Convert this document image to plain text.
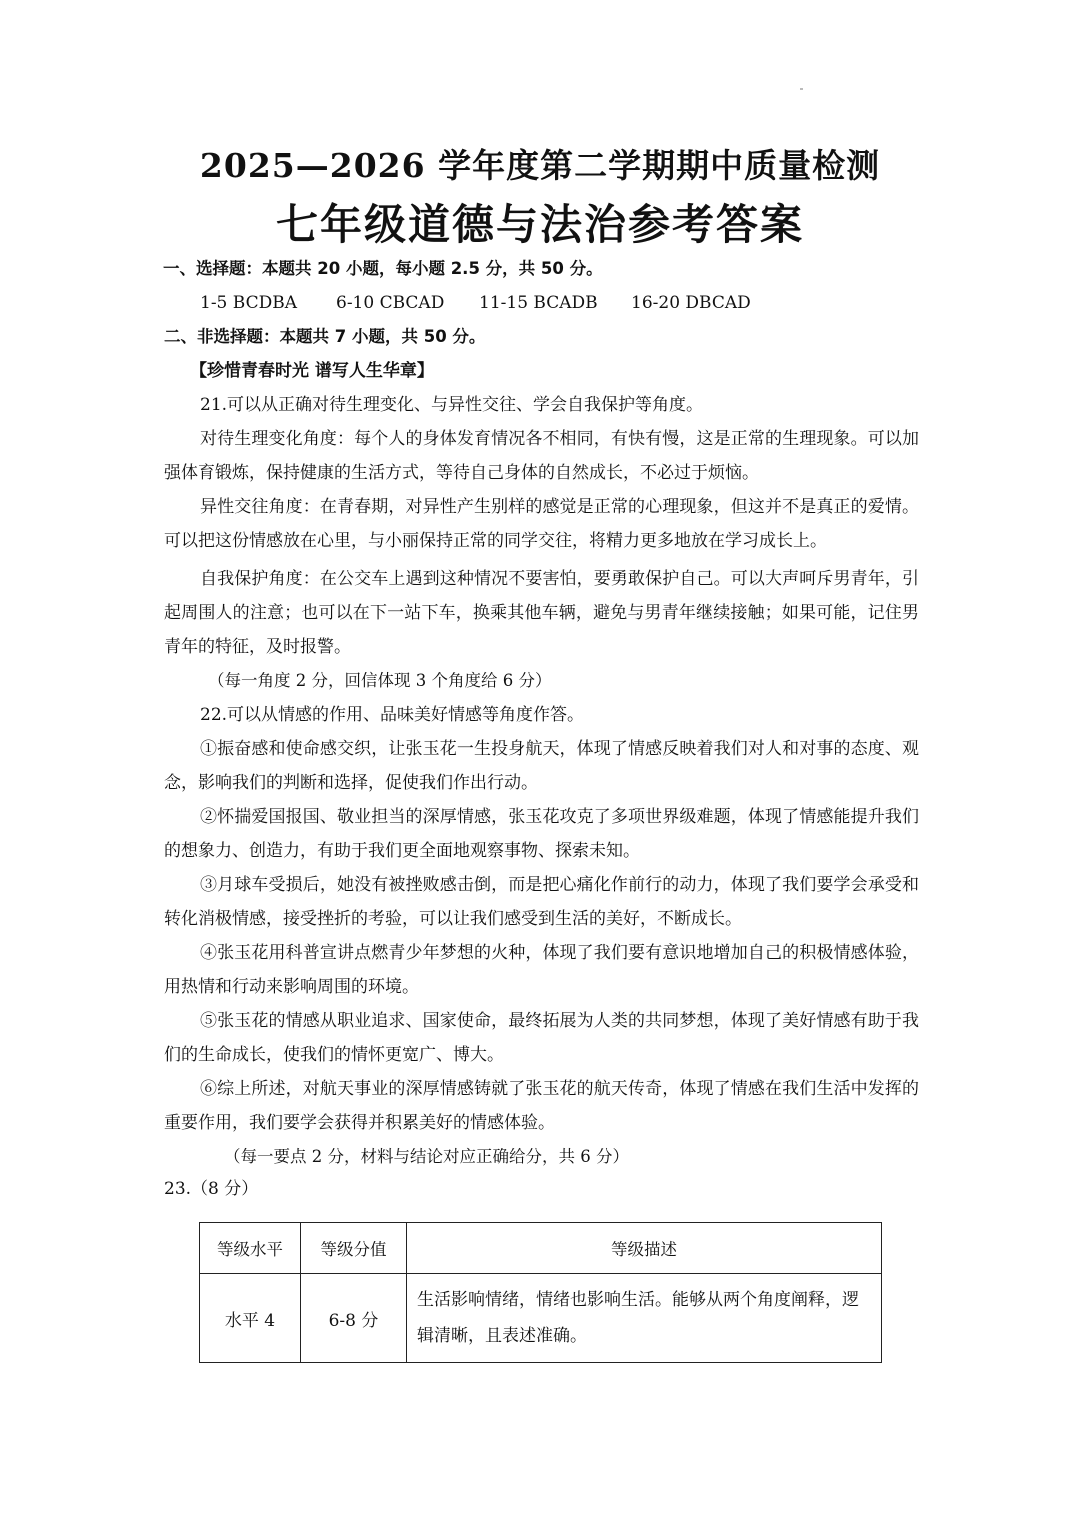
2025—2026 学年度第二学期期中质量检测
七年级道德与法治参考答案
一、选择题：本题共 20 小题，每小题 2.5 分，共 50 分。
1-5 BCDBA 6-10 CBCAD 11-15 BCADB 16-20 DBCAD
二、非选择题：本题共 7 小题，共 50 分。
【珍惜青春时光 谱写人生华章】

21.可以从正确对待生理变化、与异性交往、学会自我保护等角度。

对待生理变化角度：每个人的身体发育情况各不相同，有快有慢，这是正常的生理现象。可以加强体育锻炼，保持健康的生活方式，等待自己身体的自然成长，不必过于烦恼。

异性交往角度：在青春期，对异性产生别样的感觉是正常的心理现象，但这并不是真正的爱情。可以把这份情感放在心里，与小丽保持正常的同学交往，将精力更多地放在学习成长上。

自我保护角度：在公交车上遇到这种情况不要害怕，要勇敢保护自己。可以大声呵斥男青年，引起周围人的注意；也可以在下一站下车，换乘其他车辆，避免与男青年继续接触；如果可能，记住男青年的特征，及时报警。

（每一角度 2 分，回信体现 3 个角度给 6 分）

22.可以从情感的作用、品味美好情感等角度作答。

①振奋感和使命感交织，让张玉花一生投身航天，体现了情感反映着我们对人和对事的态度、观念，影响我们的判断和选择，促使我们作出行动。

②怀揣爱国报国、敬业担当的深厚情感，张玉花攻克了多项世界级难题，体现了情感能提升我们的想象力、创造力，有助于我们更全面地观察事物、探索未知。

③月球车受损后，她没有被挫败感击倒，而是把心痛化作前行的动力，体现了我们要学会承受和转化消极情感，接受挫折的考验，可以让我们感受到生活的美好，不断成长。

④张玉花用科普宣讲点燃青少年梦想的火种，体现了我们要有意识地增加自己的积极情感体验，用热情和行动来影响周围的环境。

⑤张玉花的情感从职业追求、国家使命，最终拓展为人类的共同梦想，体现了美好情感有助于我们的生命成长，使我们的情怀更宽广、博大。

⑥综上所述，对航天事业的深厚情感铸就了张玉花的航天传奇，体现了情感在我们生活中发挥的重要作用，我们要学会获得并积累美好的情感体验。

（每一要点 2 分，材料与结论对应正确给分，共 6 分）
23.（8 分）
等级水平	等级分值	等级描述
水平 4	6-8 分	生活影响情绪，情绪也影响生活。能够从两个角度阐释，逻辑清晰，且表述准确。
